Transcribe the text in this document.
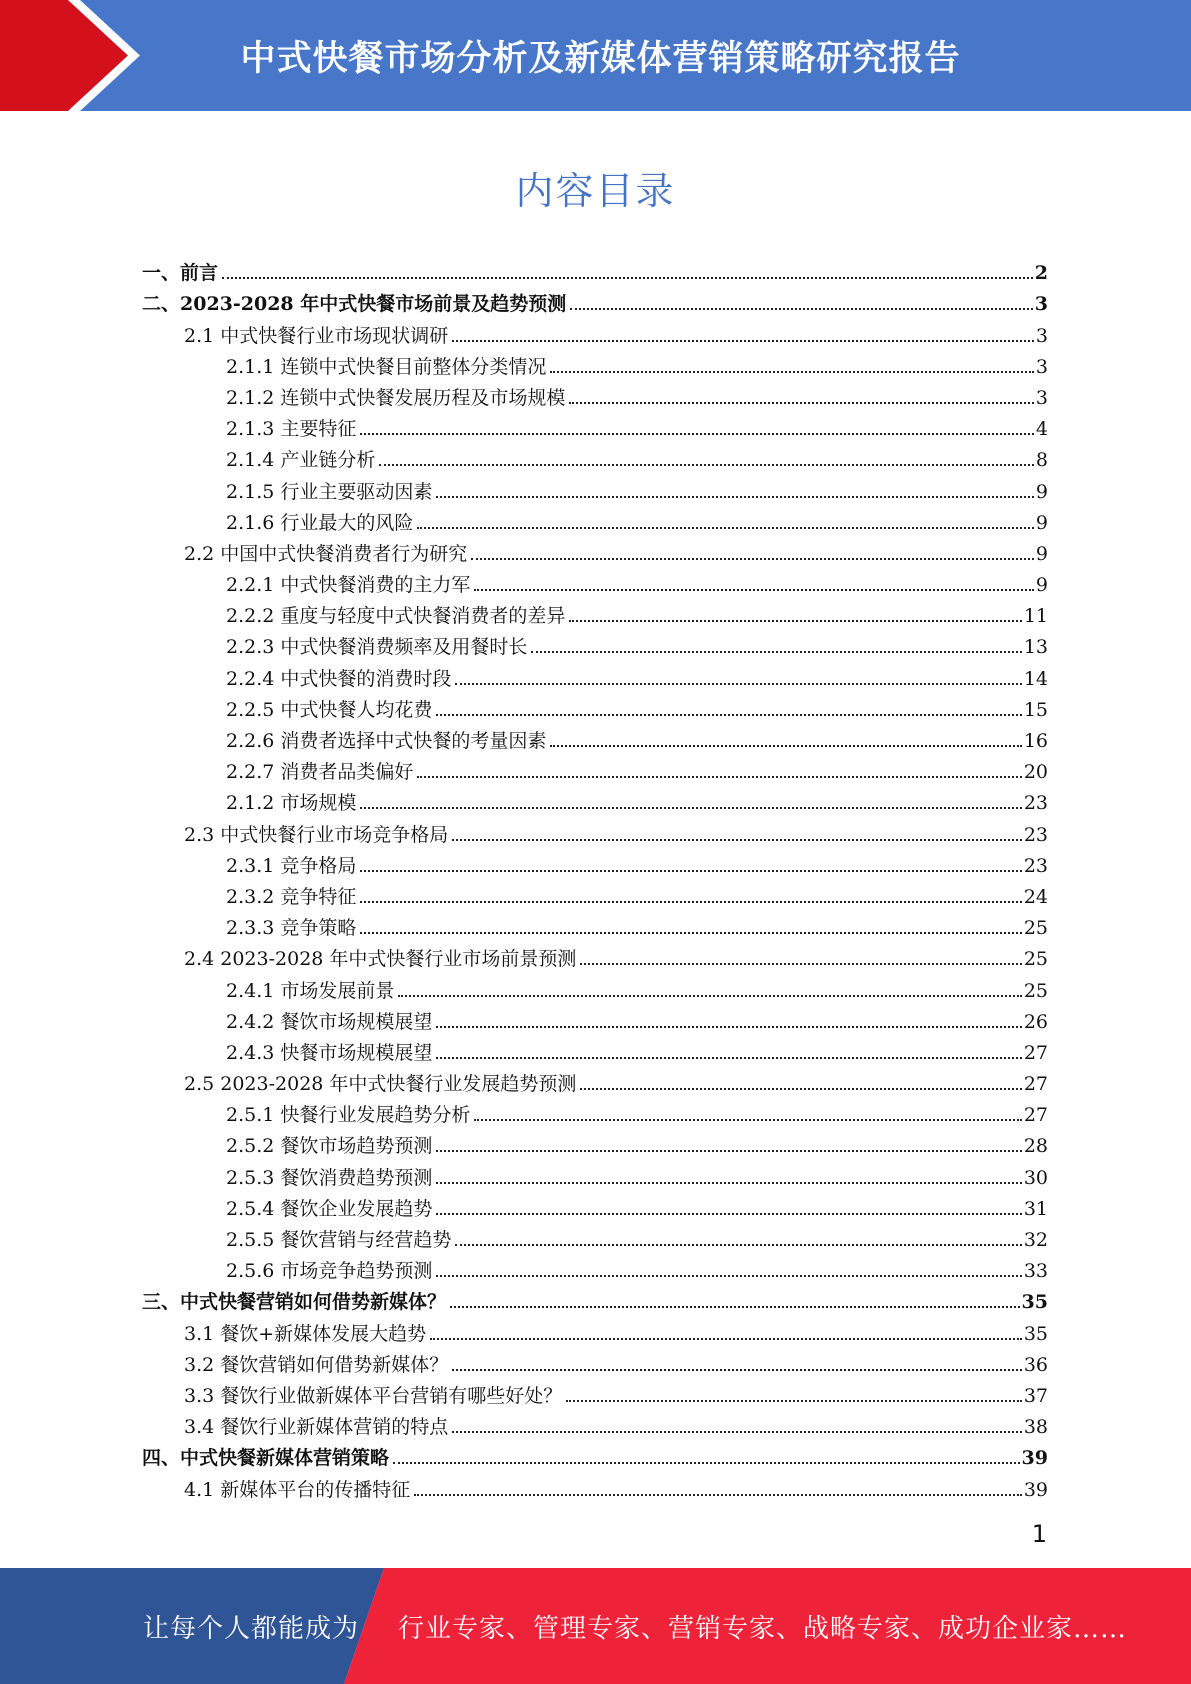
中式快餐市场分析及新媒体营销策略研究报告
内容目录
一、前言	2
二、2023-2028 年中式快餐市场前景及趋势预测	3
2.1 中式快餐行业市场现状调研	3
2.1.1 连锁中式快餐目前整体分类情况	3
2.1.2 连锁中式快餐发展历程及市场规模	3
2.1.3 主要特征	4
2.1.4 产业链分析	8
2.1.5 行业主要驱动因素	9
2.1.6 行业最大的风险	9
2.2 中国中式快餐消费者行为研究	9
2.2.1 中式快餐消费的主力军	9
2.2.2 重度与轻度中式快餐消费者的差异	11
2.2.3 中式快餐消费频率及用餐时长	13
2.2.4 中式快餐的消费时段	14
2.2.5 中式快餐人均花费	15
2.2.6 消费者选择中式快餐的考量因素	16
2.2.7 消费者品类偏好	20
2.1.2 市场规模	23
2.3 中式快餐行业市场竞争格局	23
2.3.1 竞争格局	23
2.3.2 竞争特征	24
2.3.3 竞争策略	25
2.4 2023-2028 年中式快餐行业市场前景预测	25
2.4.1 市场发展前景	25
2.4.2 餐饮市场规模展望	26
2.4.3 快餐市场规模展望	27
2.5 2023-2028 年中式快餐行业发展趋势预测	27
2.5.1 快餐行业发展趋势分析	27
2.5.2 餐饮市场趋势预测	28
2.5.3 餐饮消费趋势预测	30
2.5.4 餐饮企业发展趋势	31
2.5.5 餐饮营销与经营趋势	32
2.5.6 市场竞争趋势预测	33
三、中式快餐营销如何借势新媒体？	35
3.1 餐饮+新媒体发展大趋势	35
3.2 餐饮营销如何借势新媒体？	36
3.3 餐饮行业做新媒体平台营销有哪些好处？	37
3.4 餐饮行业新媒体营销的特点	38
四、中式快餐新媒体营销策略	39
4.1 新媒体平台的传播特征	39
1
让每个人都能成为 行业专家、管理专家、营销专家、战略专家、成功企业家……
